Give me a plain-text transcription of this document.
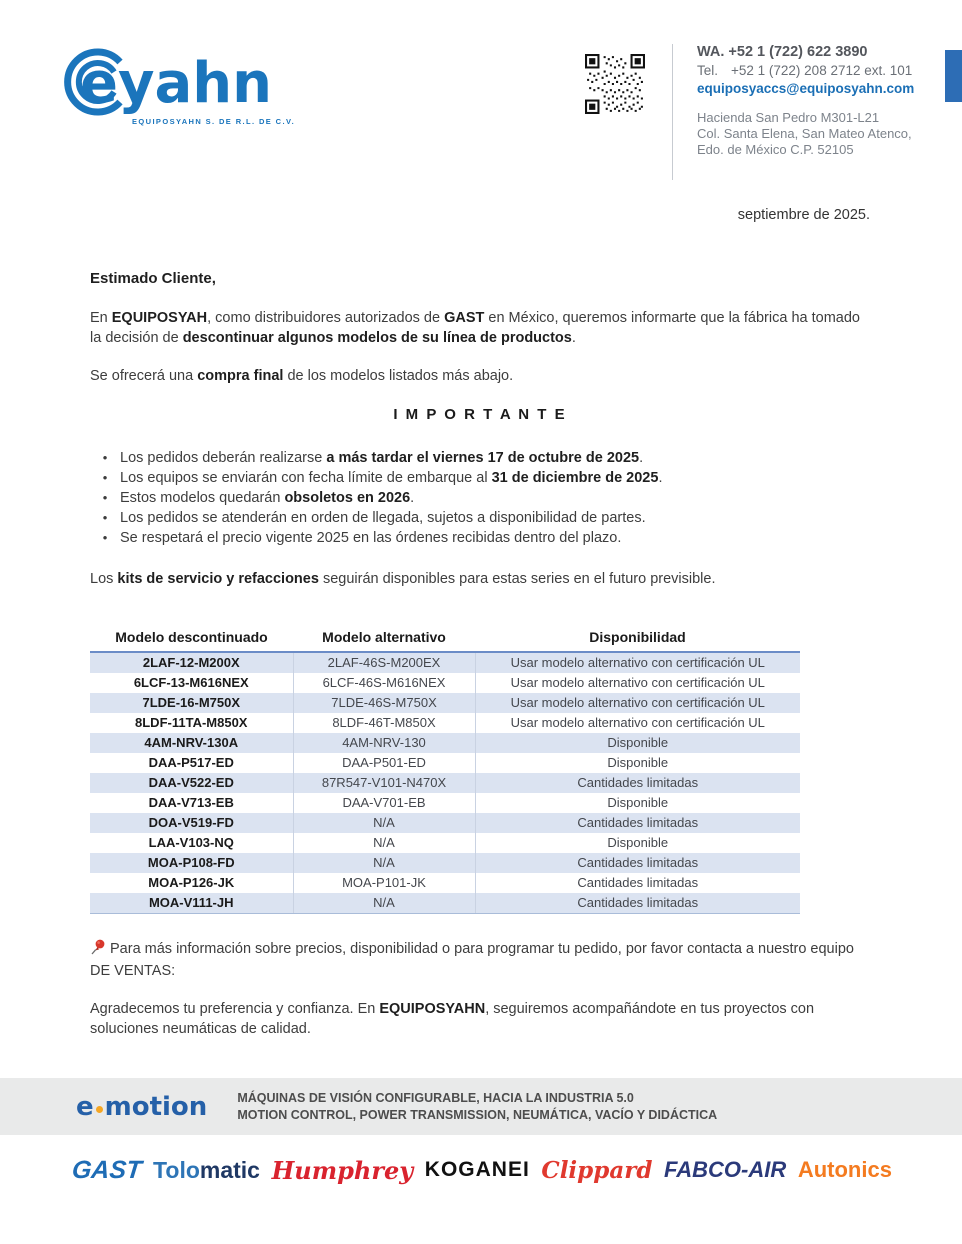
eyahn
EQUIPOSYAHN S. DE R.L. DE C.V.
WA. +52 1 (722) 622 3890
Tel. +52 1 (722) 208 2712 ext. 101
equiposyaccs@equiposyahn.com
Hacienda San Pedro M301-L21
Col. Santa Elena, San Mateo Atenco,
Edo. de México C.P. 52105
septiembre de 2025.
Estimado Cliente,

En EQUIPOSYAH, como distribuidores autorizados de GAST en México, queremos informarte que la fábrica ha tomado la decisión de descontinuar algunos modelos de su línea de productos.

Se ofrecerá una compra final de los modelos listados más abajo.

I M P O R T A N T E
• Los pedidos deberán realizarse a más tardar el viernes 17 de octubre de 2025.
• Los equipos se enviarán con fecha límite de embarque al 31 de diciembre de 2025.
• Estos modelos quedarán obsoletos en 2026.
• Los pedidos se atenderán en orden de llegada, sujetos a disponibilidad de partes.
• Se respetará el precio vigente 2025 en las órdenes recibidas dentro del plazo.

Los kits de servicio y refacciones seguirán disponibles para estas series en el futuro previsible.

Modelo descontinuado	Modelo alternativo	Disponibilidad
2LAF-12-M200X	2LAF-46S-M200EX	Usar modelo alternativo con certificación UL
6LCF-13-M616NEX	6LCF-46S-M616NEX	Usar modelo alternativo con certificación UL
7LDE-16-M750X	7LDE-46S-M750X	Usar modelo alternativo con certificación UL
8LDF-11TA-M850X	8LDF-46T-M850X	Usar modelo alternativo con certificación UL
4AM-NRV-130A	4AM-NRV-130	Disponible
DAA-P517-ED	DAA-P501-ED	Disponible
DAA-V522-ED	87R547-V101-N470X	Cantidades limitadas
DAA-V713-EB	DAA-V701-EB	Disponible
DOA-V519-FD	N/A	Cantidades limitadas
LAA-V103-NQ	N/A	Disponible
MOA-P108-FD	N/A	Cantidades limitadas
MOA-P126-JK	MOA-P101-JK	Cantidades limitadas
MOA-V111-JH	N/A	Cantidades limitadas

Para más información sobre precios, disponibilidad o para programar tu pedido, por favor contacta a nuestro equipo DE VENTAS:

Agradecemos tu preferencia y confianza. En EQUIPOSYAHN, seguiremos acompañándote en tus proyectos con soluciones neumáticas de calidad.

e motion MÁQUINAS DE VISIÓN CONFIGURABLE, HACIA LA INDUSTRIA 5.0
MOTION CONTROL, POWER TRANSMISSION, NEUMÁTICA, VACÍO Y DIDÁCTICA
GAST Tolomatic Humphrey KOGANEI Clippard FABCO-AIR Autonics
